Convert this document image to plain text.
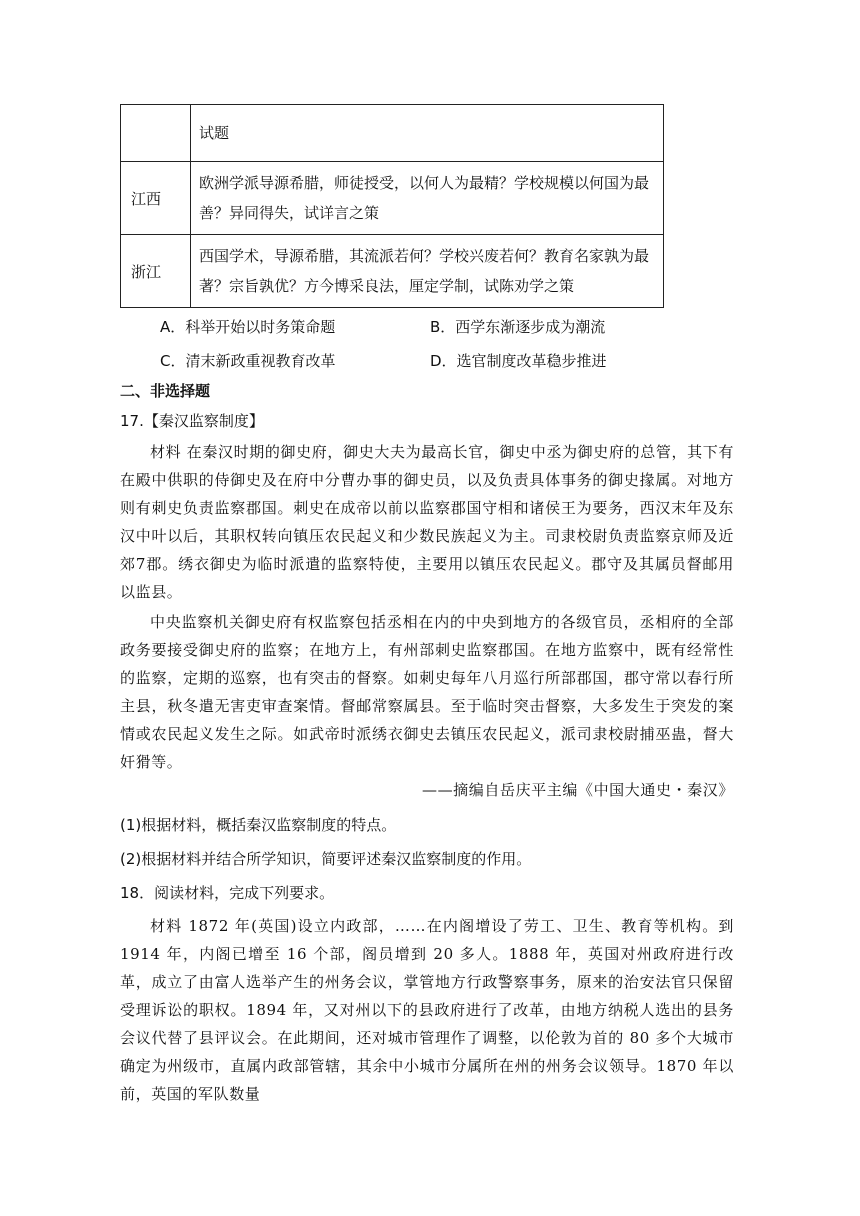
	试题
江西	欧洲学派导源希腊，师徒授受，以何人为最精？学校规模以何国为最
善？异同得失，试详言之策

浙江	西国学术，导源希腊，其流派若何？学校兴废若何？教育名家孰为最
著？宗旨孰优？方今博采良法，厘定学制，试陈劝学之策
A．科举开始以时务策命题	B．西学东渐逐步成为潮流
C．清末新政重视教育改革	D．选官制度改革稳步推进
二、非选择题
17.【秦汉监察制度】

材料 在秦汉时期的御史府，御史大夫为最高长官，御史中丞为御史府的总管，其下有在殿中供职的侍御史及在府中分曹办事的御史员，以及负责具体事务的御史掾属。对地方则有刺史负责监察郡国。刺史在成帝以前以监察郡国守相和诸侯王为要务，西汉末年及东汉中叶以后，其职权转向镇压农民起义和少数民族起义为主。司隶校尉负责监察京师及近郊7郡。绣衣御史为临时派遣的监察特使，主要用以镇压农民起义。郡守及其属员督邮用以监县。

中央监察机关御史府有权监察包括丞相在内的中央到地方的各级官员，丞相府的全部政务要接受御史府的监察；在地方上，有州部刺史监察郡国。在地方监察中，既有经常性的监察，定期的巡察，也有突击的督察。如刺史每年八月巡行所部郡国，郡守常以春行所主县，秋冬遣无害吏审查案情。督邮常察属县。至于临时突击督察，大多发生于突发的案情或农民起义发生之际。如武帝时派绣衣御史去镇压农民起义，派司隶校尉捕巫蛊，督大奸猾等。

——摘编自岳庆平主编《中国大通史・秦汉》
(1)根据材料，概括秦汉监察制度的特点。
(2)根据材料并结合所学知识，简要评述秦汉监察制度的作用。
18．阅读材料，完成下列要求。

材料 1872 年(英国)设立内政部，……在内阁增设了劳工、卫生、教育等机构。到 1914 年，内阁已增至 16 个部，阁员增到 20 多人。1888 年，英国对州政府进行改革，成立了由富人选举产生的州务会议，掌管地方行政警察事务，原来的治安法官只保留受理诉讼的职权。1894 年，又对州以下的县政府进行了改革，由地方纳税人选出的县务会议代替了县评议会。在此期间，还对城市管理作了调整，以伦敦为首的 80 多个大城市确定为州级市，直属内政部管辖，其余中小城市分属所在州的州务会议领导。1870 年以前，英国的军队数量
